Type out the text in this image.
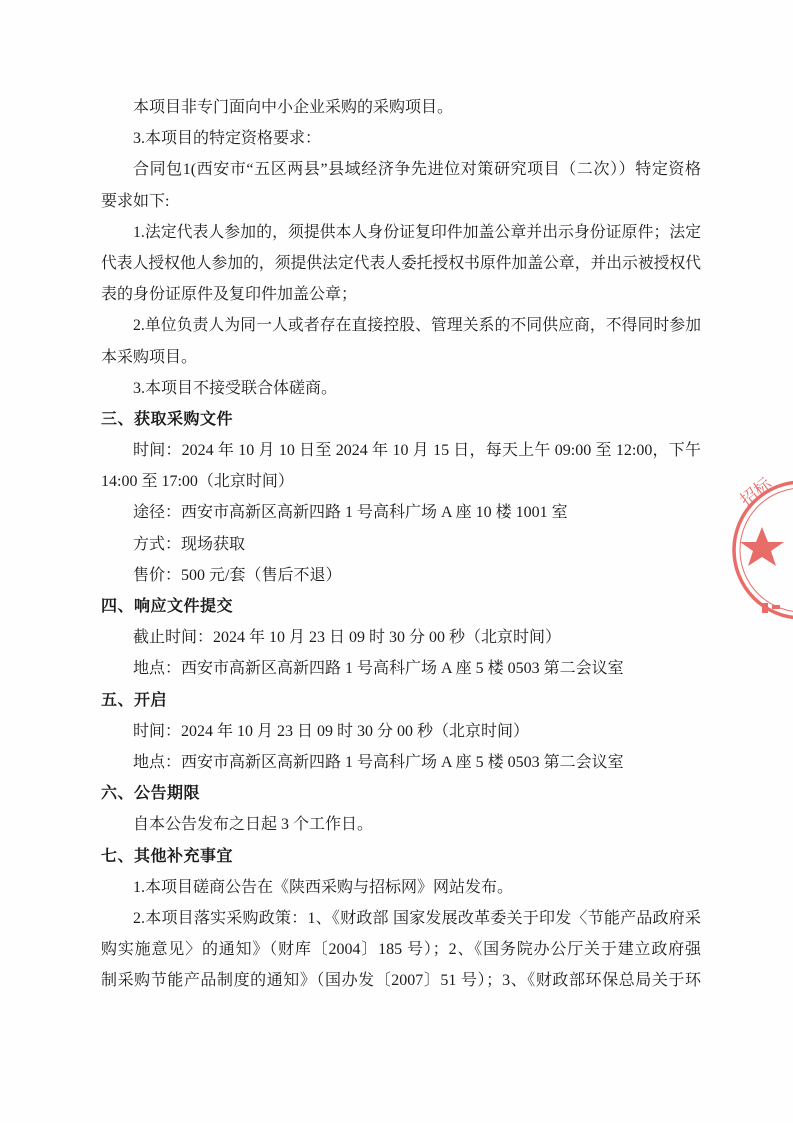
本项目非专门面向中小企业采购的采购项目。
3.本项目的特定资格要求：
合同包1(西安市“五区两县”县域经济争先进位对策研究项目（二次））特定资格
要求如下:
1.法定代表人参加的，须提供本人身份证复印件加盖公章并出示身份证原件；法定
代表人授权他人参加的，须提供法定代表人委托授权书原件加盖公章，并出示被授权代
表的身份证原件及复印件加盖公章；
2.单位负责人为同一人或者存在直接控股、管理关系的不同供应商，不得同时参加
本采购项目。
3.本项目不接受联合体磋商。
三、获取采购文件
时间：2024 年 10 月 10 日至 2024 年 10 月 15 日，每天上午 09:00 至 12:00，下午
14:00 至 17:00（北京时间）
途径：西安市高新区高新四路 1 号高科广场 A 座 10 楼 1001 室
方式：现场获取
售价：500 元/套（售后不退）
四、响应文件提交
截止时间：2024 年 10 月 23 日 09 时 30 分 00 秒（北京时间）
地点：西安市高新区高新四路 1 号高科广场 A 座 5 楼 0503 第二会议室
五、开启
时间：2024 年 10 月 23 日 09 时 30 分 00 秒（北京时间）
地点：西安市高新区高新四路 1 号高科广场 A 座 5 楼 0503 第二会议室
六、公告期限
自本公告发布之日起 3 个工作日。
七、其他补充事宜
1.本项目磋商公告在《陕西采购与招标网》网站发布。
2.本项目落实采购政策：1、《财政部 国家发展改革委关于印发〈节能产品政府采
购实施意见〉的通知》（财库〔2004〕185 号）；2、《国务院办公厅关于建立政府强
制采购节能产品制度的通知》（国办发〔2007〕51 号）；3、《财政部环保总局关于环
招标
